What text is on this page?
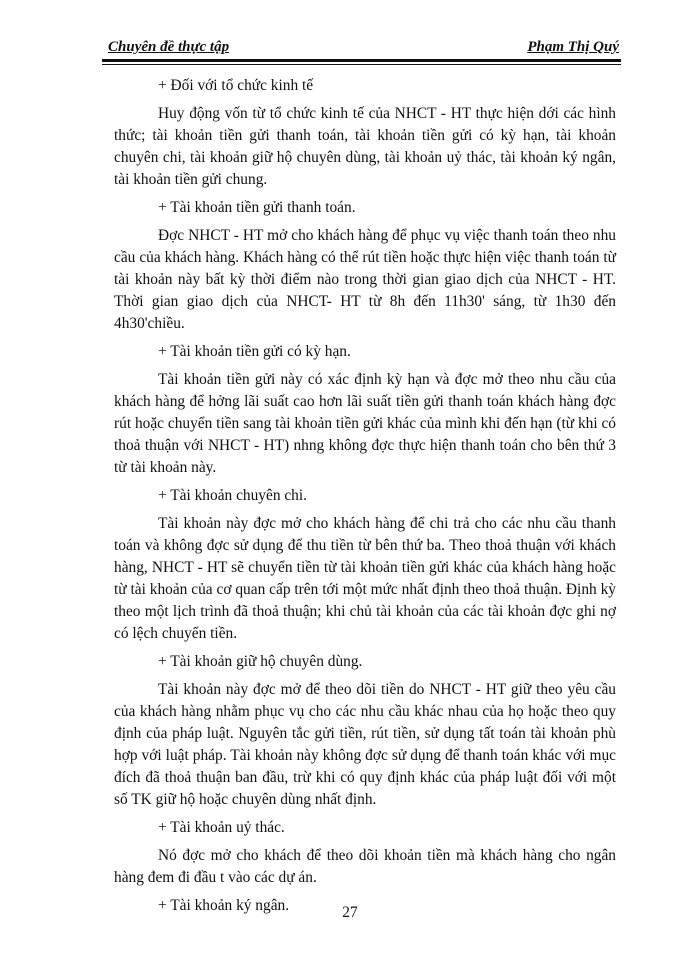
Chuyên đề thực tập	Phạm Thị Quý
+ Đối với tổ chức kinh tế
Huy động vốn từ tổ chức kinh tế của NHCT - HT thực hiện dới các hình thức; tài khoản tiền gửi thanh toán, tài khoản tiền gửi có kỳ hạn, tài khoản chuyên chi, tài khoản giữ hộ chuyên dùng, tài khoản uỷ thác, tài khoản ký ngân, tài khoản tiền gửi chung.
+ Tài khoản tiền gửi thanh toán.
Đợc NHCT - HT mở cho khách hàng để phục vụ việc thanh toán theo nhu cầu của khách hàng. Khách hàng có thể rút tiền hoặc thực hiện việc thanh toán từ tài khoản này bất kỳ thời điểm nào trong thời gian giao dịch của NHCT - HT. Thời gian giao dịch của NHCT- HT từ 8h đến 11h30' sáng, từ 1h30 đến 4h30'chiều.
+ Tài khoản tiền gửi có kỳ hạn.
Tài khoản tiền gửi này có xác định kỳ hạn và đợc mở theo nhu cầu của khách hàng để hởng lãi suất cao hơn lãi suất tiền gửi thanh toán khách hàng đợc rút hoặc chuyển tiền sang tài khoản tiền gửi khác của mình khi đến hạn (từ khi có thoả thuận với NHCT - HT) nhng không đợc thực hiện thanh toán cho bên thứ 3 từ tài khoản này.
+ Tài khoản chuyên chi.
Tài khoản này đợc mở cho khách hàng để chi trả cho các nhu cầu thanh toán và không đợc sử dụng để thu tiền từ bên thứ ba. Theo thoả thuận với khách hàng, NHCT - HT sẽ chuyển tiền từ tài khoản tiền gửi khác của khách hàng hoặc từ tài khoản của cơ quan cấp trên tới một mức nhất định theo thoả thuận. Định kỳ theo một lịch trình đã thoả thuận; khi chủ tài khoản của các tài khoản đợc ghi nợ có lệch chuyển tiền.
+ Tài khoản giữ hộ chuyên dùng.
Tài khoản này đợc mở để theo dõi tiền do NHCT - HT giữ theo yêu cầu của khách hàng nhằm phục vụ cho các nhu cầu khác nhau của họ hoặc theo quy định của pháp luật. Nguyên tắc gửi tiền, rút tiền, sử dụng tất toán tài khoản phù hợp với luật pháp. Tài khoản này không đợc sử dụng để thanh toán khác với mục đích đã thoả thuận ban đầu, trừ khi có quy định khác của pháp luật đối với một số TK giữ hộ hoặc chuyên dùng nhất định.
+ Tài khoản uỷ thác.
Nó đợc mở cho khách để theo dõi khoản tiền mà khách hàng cho ngân hàng đem đi đầu t vào các dự án.
+ Tài khoản ký ngân.	27
